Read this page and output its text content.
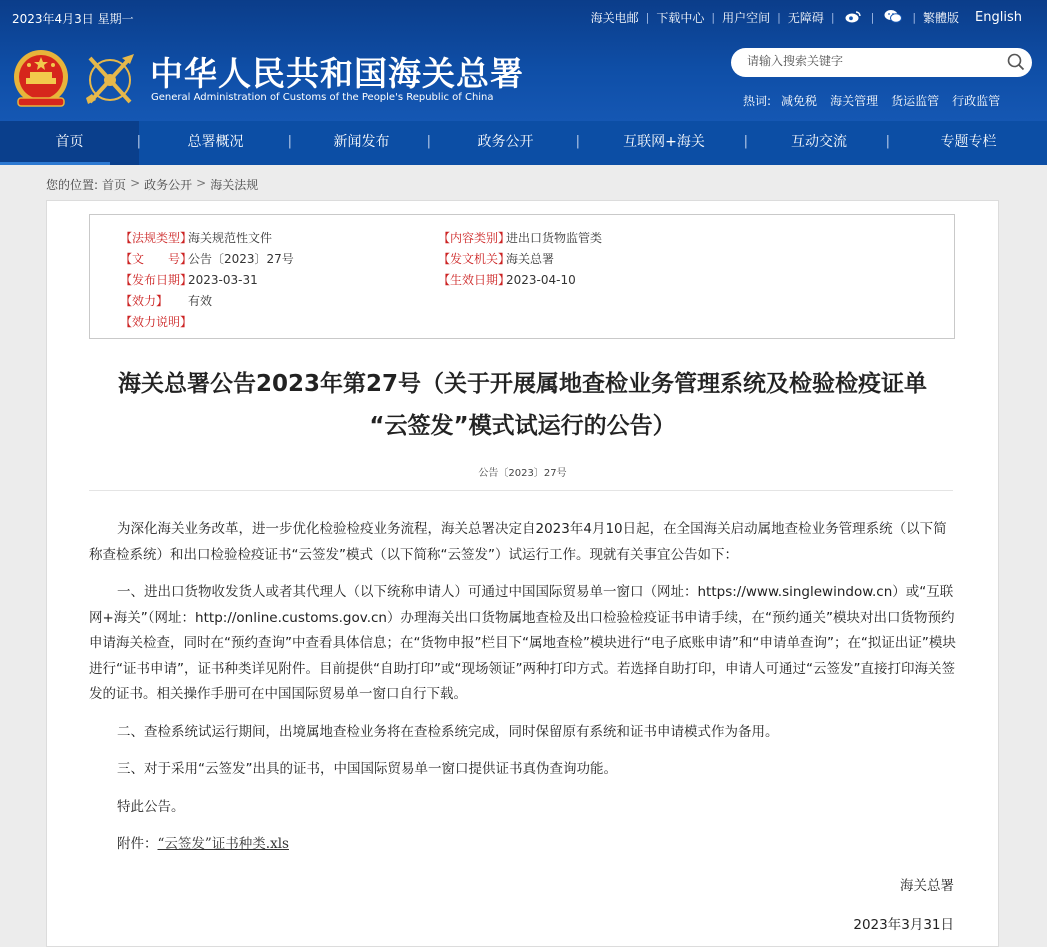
2023年4月3日 星期一	海关电邮 | 下载中心 | 用户空间 | 无障碍 |	|	| 繁體版 English
中华人民共和国海关总署
General Administration of Customs of the People's Republic of China
请输入搜索关键字	热词: 减免税 海关管理 货运监管 行政监管
首页	|	总署概况	|	新闻发布	|	政务公开	|	互联网+海关	|	互动交流	|	专题专栏
您的位置: 首页 > 政务公开 > 海关法规
【法规类型】海关规范性文件	【内容类别】进出口货物监管类
【文　　号】公告〔2023〕27号	【发文机关】海关总署
【发布日期】2023-03-31	【生效日期】2023-04-10
【效力】 有效
【效力说明】
海关总署公告2023年第27号（关于开展属地查检业务管理系统及检验检疫证单
“云签发”模式试运行的公告）
公告〔2023〕27号

为深化海关业务改革，进一步优化检验检疫业务流程，海关总署决定自2023年4月10日起，在全国海关启动属地查检业务管理系统（以下简称查检系统）和出口检验检疫证书“云签发”模式（以下简称“云签发”）试运行工作。现就有关事宜公告如下：

一、进出口货物收发货人或者其代理人（以下统称申请人）可通过中国国际贸易单一窗口（网址：https://www.singlewindow.cn）或“互联网+海关”（网址：http://online.customs.gov.cn）办理海关出口货物属地查检及出口检验检疫证书申请手续，在“预约通关”模块对出口货物预约申请海关检查，同时在“预约查询”中查看具体信息；在“货物申报”栏目下“属地查检”模块进行“电子底账申请”和“申请单查询”；在“拟证出证”模块进行“证书申请”，证书种类详见附件。目前提供“自助打印”或“现场领证”两种打印方式。若选择自助打印，申请人可通过“云签发”直接打印海关签发的证书。相关操作手册可在中国国际贸易单一窗口自行下载。

二、查检系统试运行期间，出境属地查检业务将在查检系统完成，同时保留原有系统和证书申请模式作为备用。

三、对于采用“云签发”出具的证书，中国国际贸易单一窗口提供证书真伪查询功能。

特此公告。

附件：“云签发”证书种类.xls

海关总署
2023年3月31日
